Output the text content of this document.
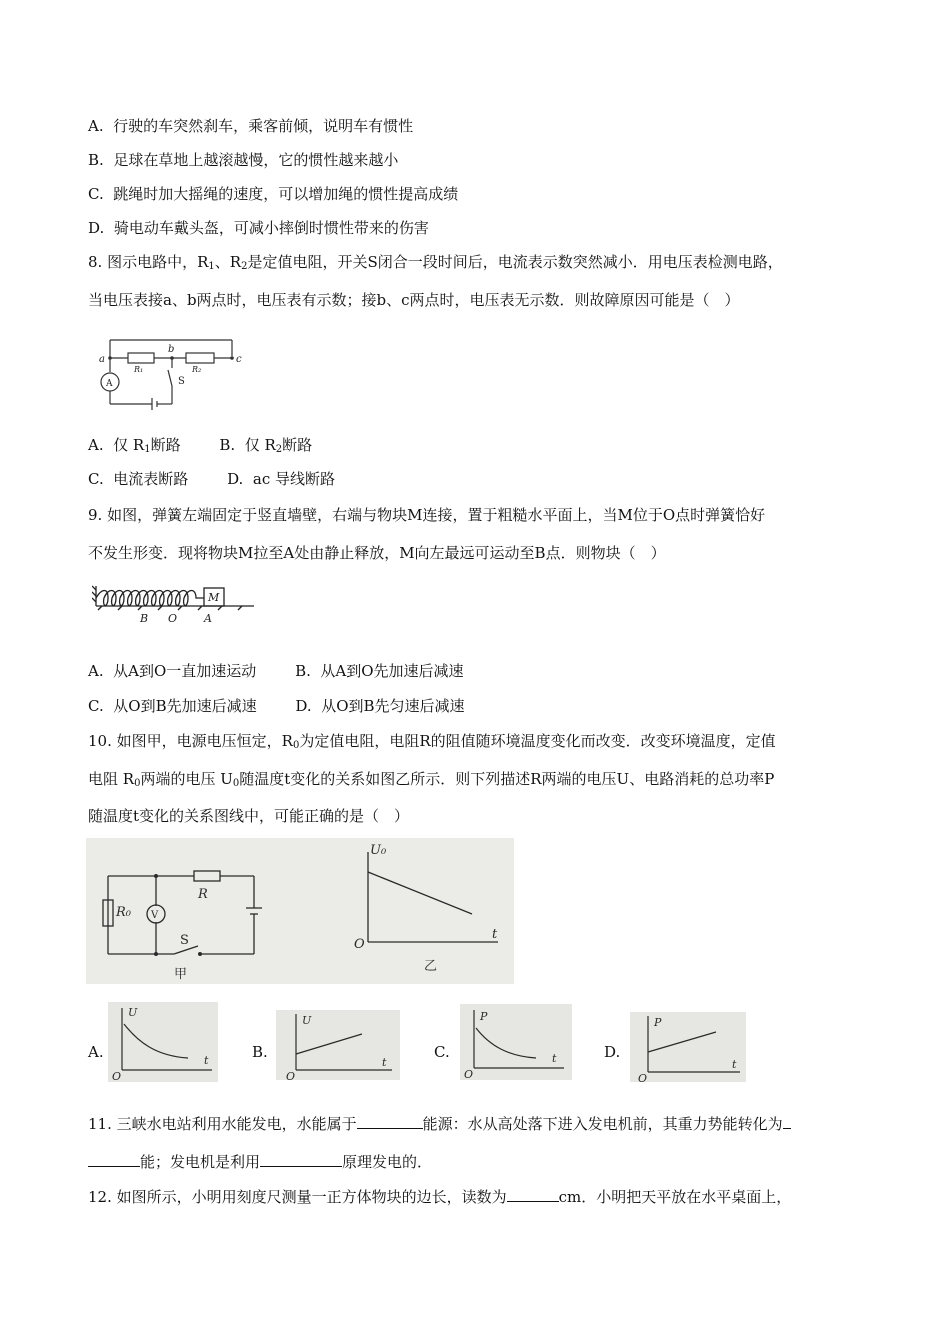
A. 行驶的车突然刹车，乘客前倾，说明车有惯性
B. 足球在草地上越滚越慢，它的惯性越来越小
C. 跳绳时加大摇绳的速度，可以增加绳的惯性提高成绩
D. 骑电动车戴头盔，可减小摔倒时惯性带来的伤害
8. 图示电路中，$R_1$、$R_2$是定值电阻，开关S闭合一段时间后，电流表示数突然减小．用电压表检测电路，
当电压表接a、b两点时，电压表有示数；接b、c两点时，电压表无示数．则故障原因可能是（　）
a
b
c
R₁	R₂
S
A
A. 仅 $R_1$断路	B. 仅 $R_2$断路
C. 电流表断路	D. ac 导线断路
9. 如图，弹簧左端固定于竖直墙壁，右端与物块M连接，置于粗糙水平面上，当M位于O点时弹簧恰好
不发生形变．现将物块M拉至A处由静止释放，M向左最远可运动至B点．则物块（　）
M
B O A
A. 从A到O一直加速运动	B. 从A到O先加速后减速
C. 从O到B先加速后减速	D. 从O到B先匀速后减速
10. 如图甲，电源电压恒定，$R_0$为定值电阻，电阻R的阻值随环境温度变化而改变．改变环境温度，定值
电阻 $R_0$两端的电压 $U_0$随温度t变化的关系如图乙所示．则下列描述R两端的电压U、电路消耗的总功率P
随温度t变化的关系图线中，可能正确的是（　）
R₀ V
R
S
甲
U₀
O
t
乙
A.
U
O
t	B.
U
O
t
C.
P
O
t	D.
P
O
t
11. 三峡水电站利用水能发电，水能属于	能源：水从高处落下进入发电机前，其重力势能转化为
能；发电机是利用	原理发电的．
12. 如图所示，小明用刻度尺测量一正方体物块的边长，读数为	cm．小明把天平放在水平桌面上，
